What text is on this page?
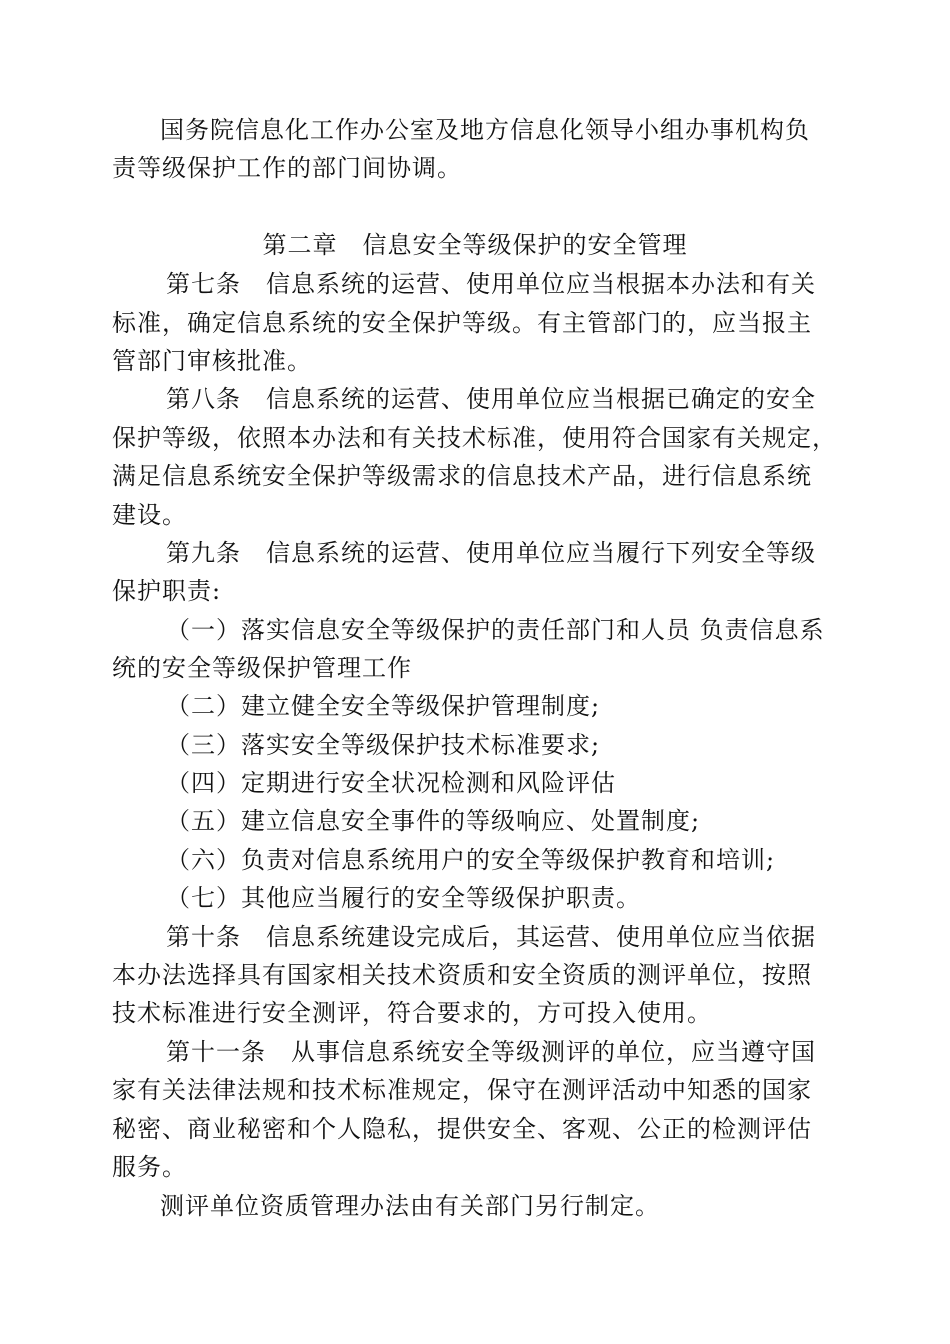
国务院信息化工作办公室及地方信息化领导小组办事机构负
责等级保护工作的部门间协调。
第二章　信息安全等级保护的安全管理
第七条　信息系统的运营、使用单位应当根据本办法和有关
标准，确定信息系统的安全保护等级。有主管部门的，应当报主
管部门审核批准。
第八条　信息系统的运营、使用单位应当根据已确定的安全
保护等级，依照本办法和有关技术标准，使用符合国家有关规定，
满足信息系统安全保护等级需求的信息技术产品，进行信息系统
建设。
第九条　信息系统的运营、使用单位应当履行下列安全等级
保护职责:
（一）落实信息安全等级保护的责任部门和人员 负责信息系
统的安全等级保护管理工作
（二）建立健全安全等级保护管理制度;
（三）落实安全等级保护技术标准要求;
（四）定期进行安全状况检测和风险评估
（五）建立信息安全事件的等级响应、处置制度;
（六）负责对信息系统用户的安全等级保护教育和培训;
（七）其他应当履行的安全等级保护职责。
第十条　信息系统建设完成后，其运营、使用单位应当依据
本办法选择具有国家相关技术资质和安全资质的测评单位，按照
技术标准进行安全测评，符合要求的，方可投入使用。
第十一条　从事信息系统安全等级测评的单位，应当遵守国
家有关法律法规和技术标准规定，保守在测评活动中知悉的国家
秘密、商业秘密和个人隐私，提供安全、客观、公正的检测评估
服务。
测评单位资质管理办法由有关部门另行制定。
